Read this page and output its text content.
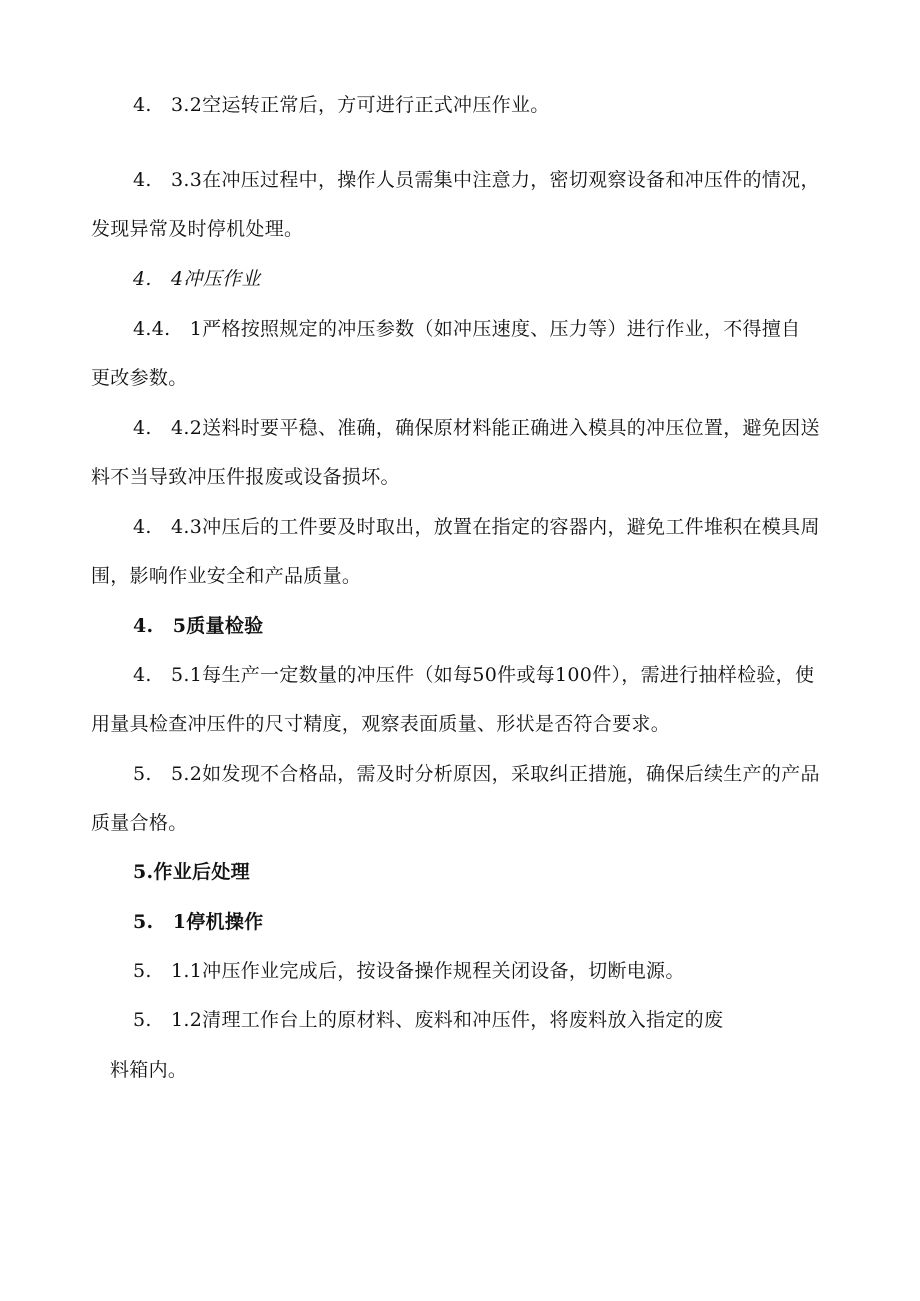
4.　3.2空运转正常后，方可进行正式冲压作业。
4.　3.3在冲压过程中，操作人员需集中注意力，密切观察设备和冲压件的情况，
发现异常及时停机处理。
4.　4冲压作业
4.4.　1严格按照规定的冲压参数（如冲压速度、压力等）进行作业，不得擅自
更改参数。
4.　4.2送料时要平稳、准确，确保原材料能正确进入模具的冲压位置，避免因送
料不当导致冲压件报废或设备损坏。
4.　4.3冲压后的工件要及时取出，放置在指定的容器内，避免工件堆积在模具周
围，影响作业安全和产品质量。
4.　5质量检验
4.　5.1每生产一定数量的冲压件（如每50件或每100件），需进行抽样检验，使
用量具检查冲压件的尺寸精度，观察表面质量、形状是否符合要求。
5.　5.2如发现不合格品，需及时分析原因，采取纠正措施，确保后续生产的产品
质量合格。
5.作业后处理
5.　1停机操作
5.　1.1冲压作业完成后，按设备操作规程关闭设备，切断电源。
5.　1.2清理工作台上的原材料、废料和冲压件，将废料放入指定的废
料箱内。
